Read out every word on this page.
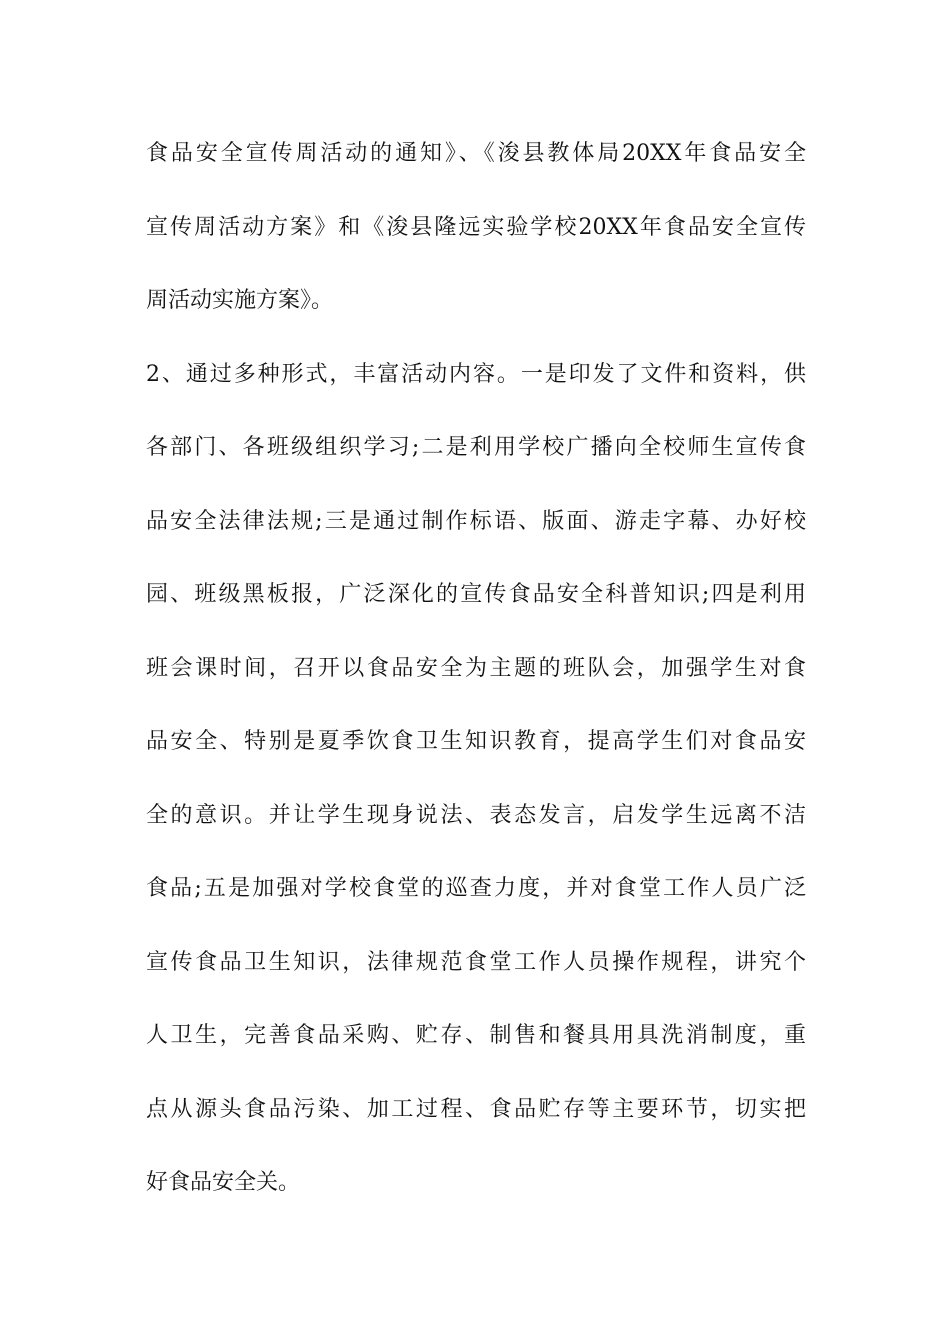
食品安全宣传周活动的通知》、《浚县教体局20XX年食品安全
宣传周活动方案》和《浚县隆远实验学校20XX年食品安全宣传
周活动实施方案》。
2、通过多种形式，丰富活动内容。一是印发了文件和资料，供
各部门、各班级组织学习;二是利用学校广播向全校师生宣传食
品安全法律法规;三是通过制作标语、版面、游走字幕、办好校
园、班级黑板报，广泛深化的宣传食品安全科普知识;四是利用
班会课时间，召开以食品安全为主题的班队会，加强学生对食
品安全、特别是夏季饮食卫生知识教育，提高学生们对食品安
全的意识。并让学生现身说法、表态发言，启发学生远离不洁
食品;五是加强对学校食堂的巡查力度，并对食堂工作人员广泛
宣传食品卫生知识，法律规范食堂工作人员操作规程，讲究个
人卫生，完善食品采购、贮存、制售和餐具用具洗消制度，重
点从源头食品污染、加工过程、食品贮存等主要环节，切实把
好食品安全关。
